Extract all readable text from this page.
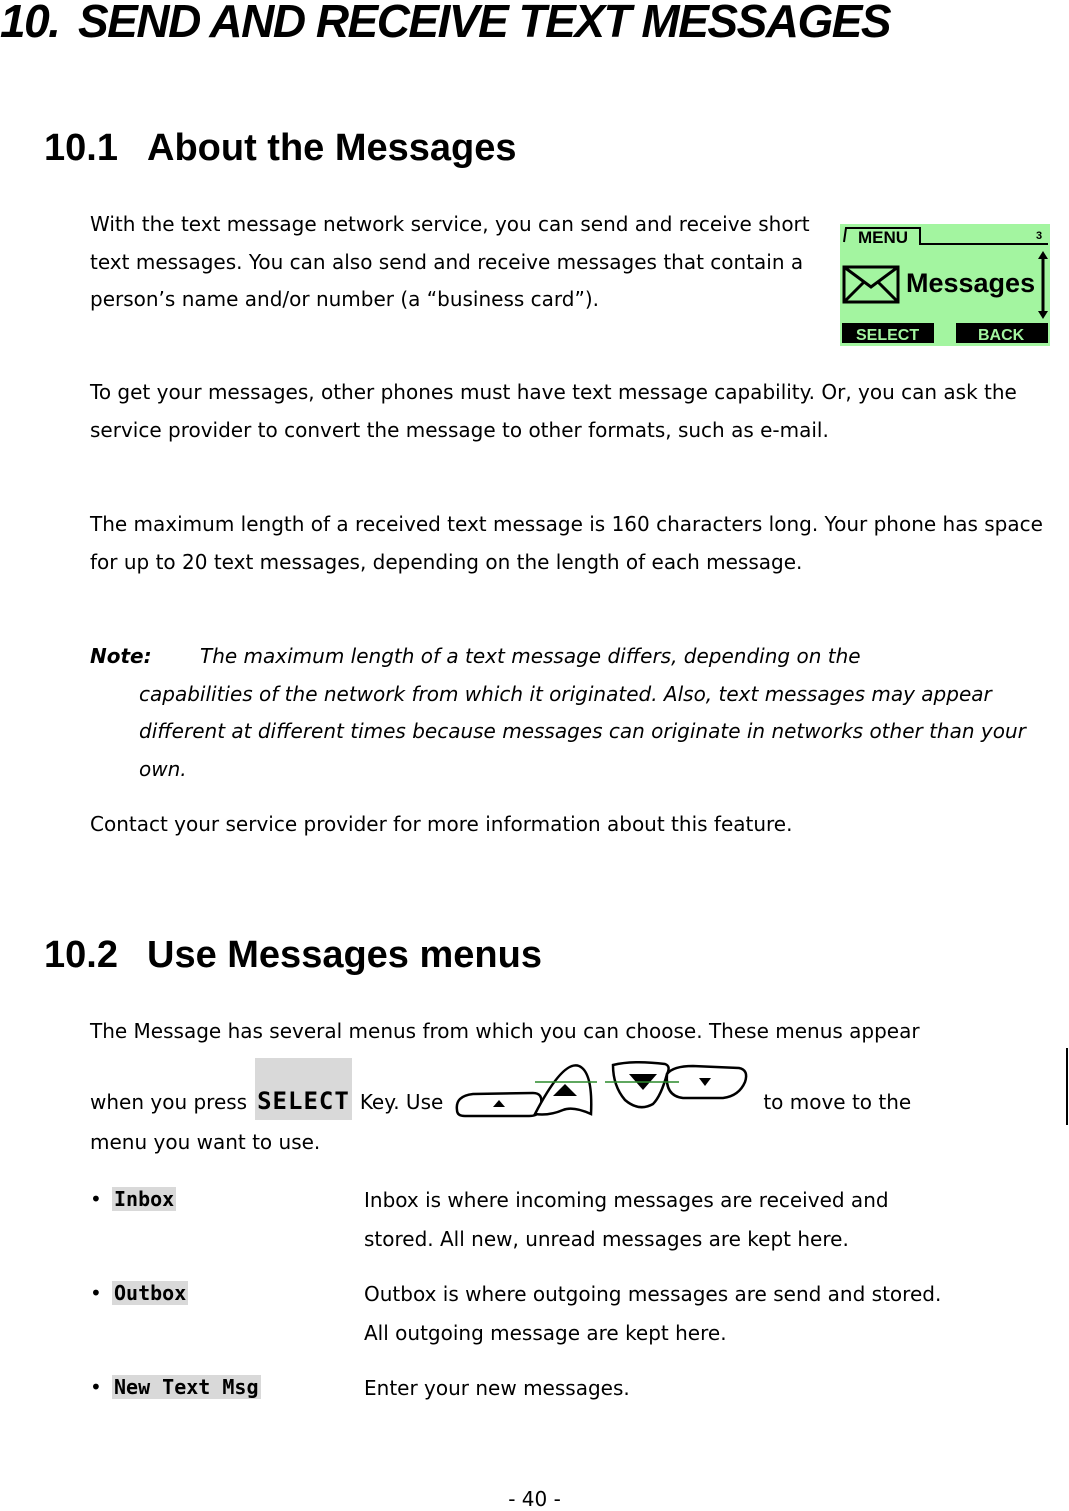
10. SEND AND RECEIVE TEXT MESSAGES
10.1 About the Messages
With the text message network service, you can send and receive short text messages. You can also send and receive messages that contain a person’s name and/or number (a “business card”).
MENU	3
Messages
SELECT	BACK
To get your messages, other phones must have text message capability. Or, you can ask the service provider to convert the message to other formats, such as e-mail.
The maximum length of a received text message is 160 characters long. Your phone has space for up to 20 text messages, depending on the length of each message.
Note: The maximum length of a text message differs, depending on the
capabilities of the network from which it originated. Also, text messages may appear different at different times because messages can originate in networks other than your own.
Contact your service provider for more information about this feature.
10.2 Use Messages menus
The Message has several menus from which you can choose. These menus appear
when you press SELECT Key. Use	to move to the
menu you want to use.
• Inbox	Inbox is where incoming messages are received and
stored. All new, unread messages are kept here.
• Outbox	Outbox is where outgoing messages are send and stored.
All outgoing message are kept here.
• New Text Msg	Enter your new messages.
- 40 -
